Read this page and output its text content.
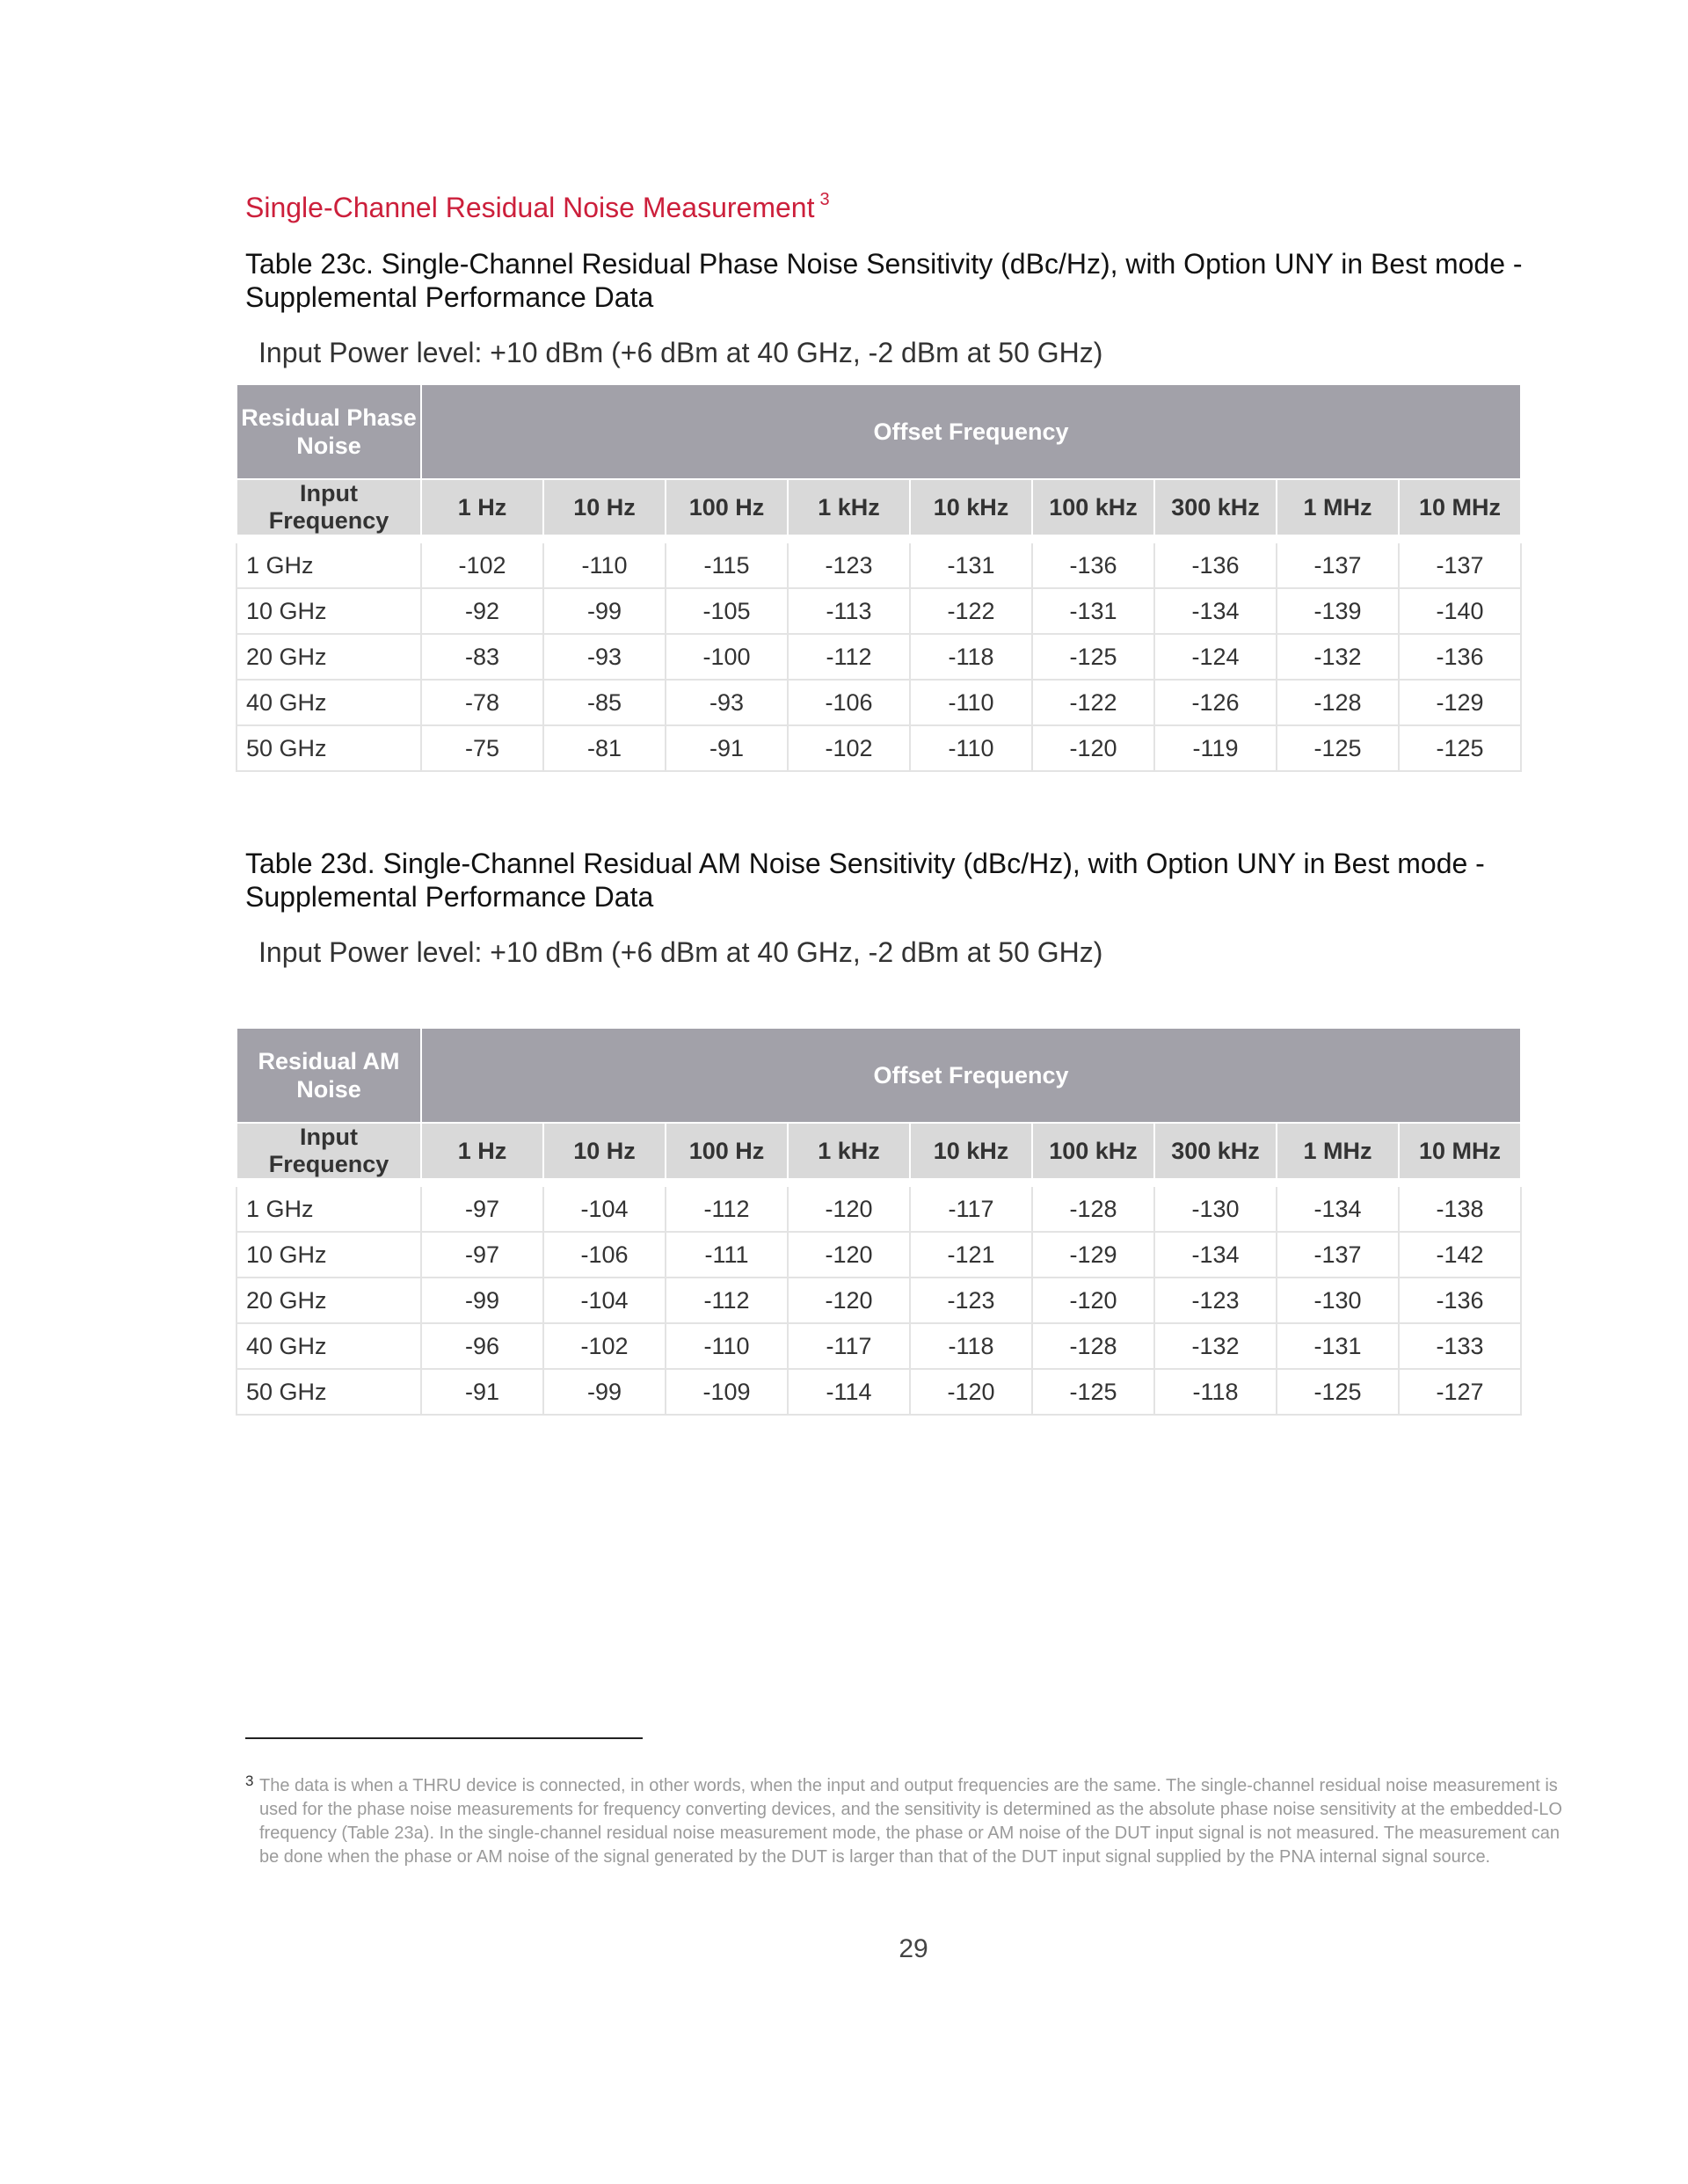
Single-Channel Residual Noise Measurement $^3$
Table 23c. Single-Channel Residual Phase Noise Sensitivity (dBc/Hz), with Option UNY in Best mode - Supplemental Performance Data
Input Power level: +10 dBm (+6 dBm at 40 GHz, -2 dBm at 50 GHz)
Residual Phase Noise	Offset Frequency								
Input Frequency	1 Hz	10 Hz	100 Hz	1 kHz	10 kHz	100 kHz	300 kHz	1 MHz	10 MHz
1 GHz	-102	-110	-115	-123	-131	-136	-136	-137	-137
10 GHz	-92	-99	-105	-113	-122	-131	-134	-139	-140
20 GHz	-83	-93	-100	-112	-118	-125	-124	-132	-136
40 GHz	-78	-85	-93	-106	-110	-122	-126	-128	-129
50 GHz	-75	-81	-91	-102	-110	-120	-119	-125	-125
Table 23d. Single-Channel Residual AM Noise Sensitivity (dBc/Hz), with Option UNY in Best mode - Supplemental Performance Data
Input Power level: +10 dBm (+6 dBm at 40 GHz, -2 dBm at 50 GHz)
Residual AM Noise	Offset Frequency								
Input Frequency	1 Hz	10 Hz	100 Hz	1 kHz	10 kHz	100 kHz	300 kHz	1 MHz	10 MHz
1 GHz	-97	-104	-112	-120	-117	-128	-130	-134	-138
10 GHz	-97	-106	-111	-120	-121	-129	-134	-137	-142
20 GHz	-99	-104	-112	-120	-123	-120	-123	-130	-136
40 GHz	-96	-102	-110	-117	-118	-128	-132	-131	-133
50 GHz	-91	-99	-109	-114	-120	-125	-118	-125	-127
3 The data is when a THRU device is connected, in other words, when the input and output frequencies are the same. The single-channel residual noise measurement is used for the phase noise measurements for frequency converting devices, and the sensitivity is determined as the absolute phase noise sensitivity at the embedded-LO frequency (Table 23a). In the single-channel residual noise measurement mode, the phase or AM noise of the DUT input signal is not measured. The measurement can be done when the phase or AM noise of the signal generated by the DUT is larger than that of the DUT input signal supplied by the PNA internal signal source.
29
